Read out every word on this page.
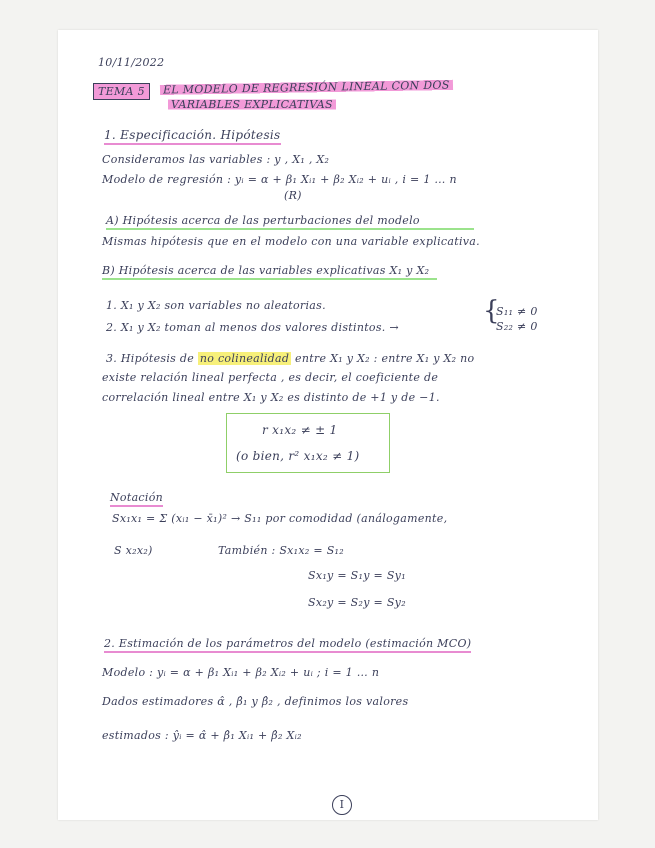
10/11/2022
TEMA 5	EL MODELO DE REGRESIÓN LINEAL CON DOS
VARIABLES EXPLICATIVAS
1. Especificación. Hipótesis
Consideramos las variables : y , X₁ , X₂
Modelo de regresión : yᵢ = α + β₁ Xᵢ₁ + β₂ Xᵢ₂ + uᵢ , i = 1 … n
(R)
A) Hipótesis acerca de las perturbaciones del modelo
Mismas hipótesis que en el modelo con una variable explicativa.
B) Hipótesis acerca de las variables explicativas X₁ y X₂
1. X₁ y X₂ son variables no aleatorias.
2. X₁ y X₂ toman al menos dos valores distintos. →
{
S₁₁ ≠ 0
S₂₂ ≠ 0
3. Hipótesis de no colinealidad entre X₁ y X₂ : entre X₁ y X₂ no
existe relación lineal perfecta , es decir, el coeficiente de
correlación lineal entre X₁ y X₂ es distinto de +1 y de −1.
r x₁x₂ ≠ ± 1
(o bien, r² x₁x₂ ≠ 1)
Notación
Sx₁x₁ = Σ (xᵢ₁ − x̄₁)² → S₁₁ por comodidad (análogamente,
S x₂x₂)	También : Sx₁x₂ = S₁₂
Sx₁y = S₁y = Sy₁
Sx₂y = S₂y = Sy₂
2. Estimación de los parámetros del modelo (estimación MCO)
Modelo : yᵢ = α + β₁ Xᵢ₁ + β₂ Xᵢ₂ + uᵢ ; i = 1 … n
Dados estimadores α̂ , β̂₁ y β̂₂ , definimos los valores
estimados : ŷᵢ = α̂ + β̂₁ Xᵢ₁ + β̂₂ Xᵢ₂
I
